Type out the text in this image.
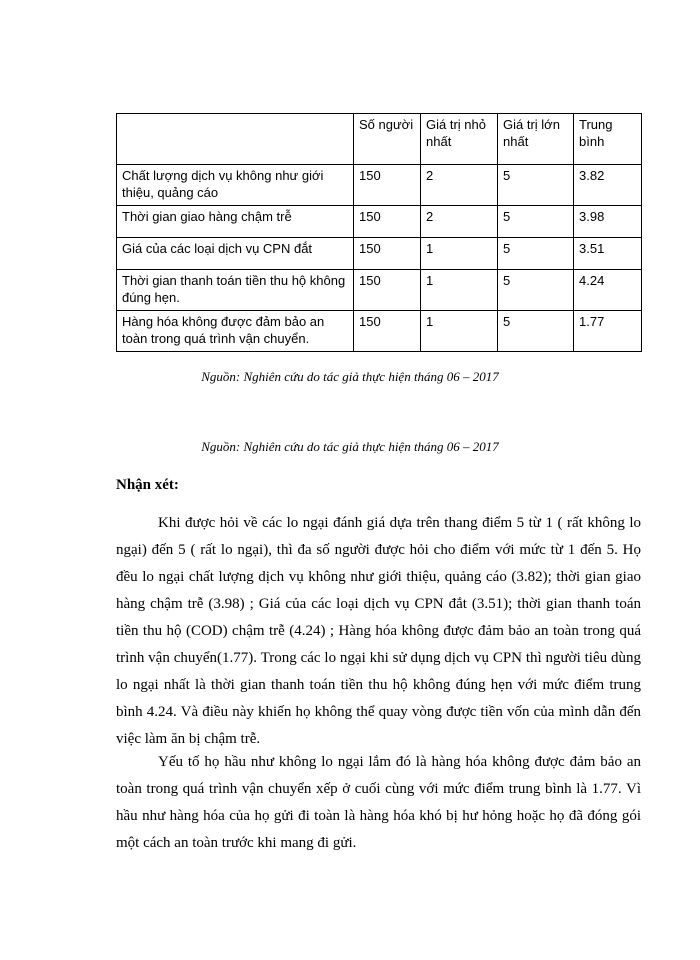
	Số người	Giá trị nhỏ nhất	Giá trị lớn nhất	Trung bình
Chất lượng dịch vụ không như giới thiệu, quảng cáo	150	2	5	3.82
Thời gian giao hàng chậm trễ	150	2	5	3.98
Giá của các loại dịch vụ CPN đắt	150	1	5	3.51
Thời gian thanh toán tiền thu hộ không đúng hẹn.	150	1	5	4.24
Hàng hóa không được đảm bảo an toàn trong quá trình vận chuyển.	150	1	5	1.77
Nguồn: Nghiên cứu do tác giả thực hiện tháng 06 – 2017
Nguồn: Nghiên cứu do tác giả thực hiện tháng 06 – 2017
Nhận xét:

Khi được hỏi về các lo ngại đánh giá dựa trên thang điểm 5 từ 1 ( rất không lo ngại) đến 5 ( rất lo ngại), thì đa số người được hỏi cho điểm với mức từ 1 đến 5. Họ đều lo ngại chất lượng dịch vụ không như giới thiệu, quảng cáo (3.82); thời gian giao hàng chậm trễ (3.98) ; Giá của các loại dịch vụ CPN đắt (3.51); thời gian thanh toán tiền thu hộ (COD) chậm trễ (4.24) ; Hàng hóa không được đảm bảo an toàn trong quá trình vận chuyển(1.77). Trong các lo ngại khi sử dụng dịch vụ CPN thì người tiêu dùng lo ngại nhất là thời gian thanh toán tiền thu hộ không đúng hẹn với mức điểm trung bình 4.24. Và điều này khiến họ không thể quay vòng được tiền vốn của mình dẫn đến việc làm ăn bị chậm trễ.

Yếu tố họ hầu như không lo ngại lắm đó là hàng hóa không được đảm bảo an toàn trong quá trình vận chuyển xếp ở cuối cùng với mức điểm trung bình là 1.77. Vì hầu như hàng hóa của họ gửi đi toàn là hàng hóa khó bị hư hỏng hoặc họ đã đóng gói một cách an toàn trước khi mang đi gửi.
